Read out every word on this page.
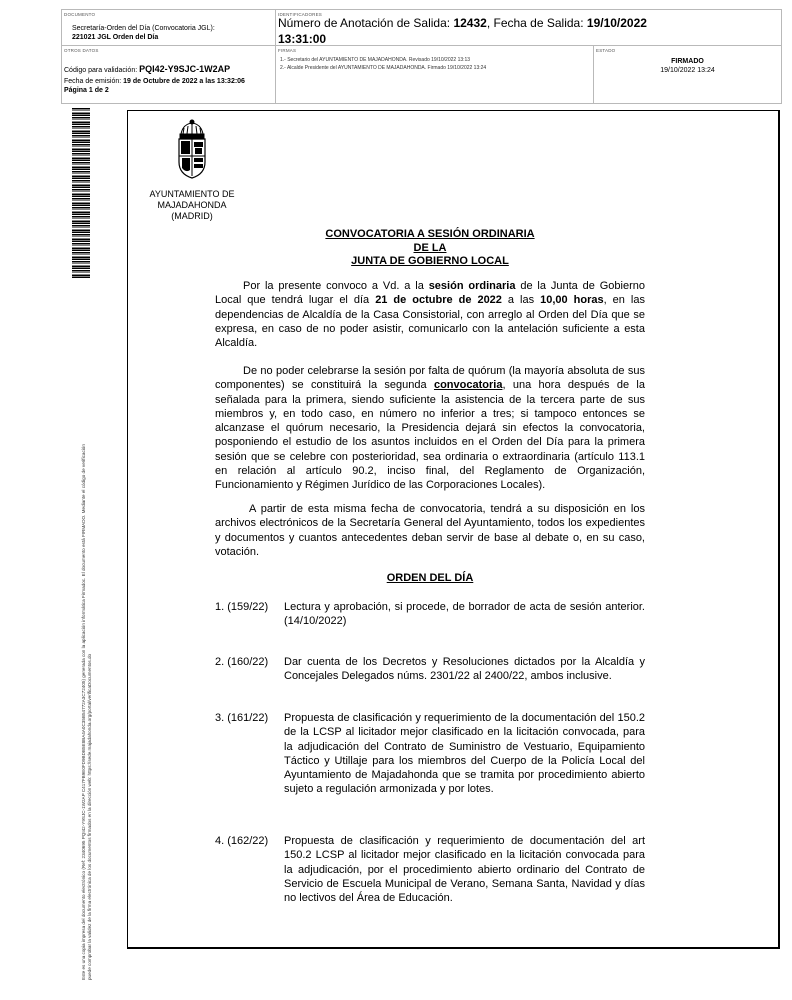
DOCUMENTO
Secretaría-Orden del Día (Convocatoria JGL):
221021 JGL Orden del Día
IDENTIFICADORES
Número de Anotación de Salida: 12432, Fecha de Salida: 19/10/2022
13:31:00
OTROS DATOS
Código para validación: PQI42-Y9SJC-1W2AP
Fecha de emisión: 19 de Octubre de 2022 a las 13:32:06
Página 1 de 2
FIRMAS
1.- Secretario del AYUNTAMIENTO DE MAJADAHONDA. Revisado 19/10/2022 13:13
2.- Alcalde Presidente del AYUNTAMIENTO DE MAJADAHONDA. Firmado 19/10/2022 13:24
ESTADO
FIRMADO
19/10/2022 13:24
Este es una copia impresa del documento electrónico (Ref: 2340695 PQI42-Y9SJC-1W2AP C417FB9E0FD9BDB5E8BA4A0C35B54772A3C72405) generada con la aplicación informática Firmadoc. El documento está FIRMADO. Mediante el código de verificación puede comprobar la validez de la firma electrónica de los documentos firmados en la dirección web: https://sede.majadahonda.org/portal/verificaDocumentos.do
AYUNTAMIENTO DE
MAJADAHONDA
(MADRID)
CONVOCATORIA A SESIÓN ORDINARIA
DE LA
JUNTA DE GOBIERNO LOCAL
Por la presente convoco a Vd. a la sesión ordinaria de la Junta de Gobierno Local que tendrá lugar el día 21 de octubre de 2022 a las 10,00 horas, en las dependencias de Alcaldía de la Casa Consistorial, con arreglo al Orden del Día que se expresa, en caso de no poder asistir, comunicarlo con la antelación suficiente a esta Alcaldía.
De no poder celebrarse la sesión por falta de quórum (la mayoría absoluta de sus componentes) se constituirá la segunda convocatoria, una hora después de la señalada para la primera, siendo suficiente la asistencia de la tercera parte de sus miembros y, en todo caso, en número no inferior a tres; si tampoco entonces se alcanzase el quórum necesario, la Presidencia dejará sin efectos la convocatoria, posponiendo el estudio de los asuntos incluidos en el Orden del Día para la primera sesión que se celebre con posterioridad, sea ordinaria o extraordinaria (artículo 113.1 en relación al artículo 90.2, inciso final, del Reglamento de Organización, Funcionamiento y Régimen Jurídico de las Corporaciones Locales).
A partir de esta misma fecha de convocatoria, tendrá a su disposición en los archivos electrónicos de la Secretaría General del Ayuntamiento, todos los expedientes y documentos y cuantos antecedentes deban servir de base al debate o, en su caso, votación.
ORDEN DEL DÍA
1. (159/22)	Lectura y aprobación, si procede, de borrador de acta de sesión anterior. (14/10/2022)
2. (160/22)	Dar cuenta de los Decretos y Resoluciones dictados por la Alcaldía y Concejales Delegados núms. 2301/22 al 2400/22, ambos inclusive.
3. (161/22)	Propuesta de clasificación y requerimiento de la documentación del 150.2 de la LCSP al licitador mejor clasificado en la licitación convocada, para la adjudicación del Contrato de Suministro de Vestuario, Equipamiento Táctico y Utillaje para los miembros del Cuerpo de la Policía Local del Ayuntamiento de Majadahonda que se tramita por procedimiento abierto sujeto a regulación armonizada y por lotes.
4. (162/22)	Propuesta de clasificación y requerimiento de documentación del art 150.2 LCSP al licitador mejor clasificado en la licitación convocada para la adjudicación, por el procedimiento abierto ordinario del Contrato de Servicio de Escuela Municipal de Verano, Semana Santa, Navidad y días no lectivos del Área de Educación.
